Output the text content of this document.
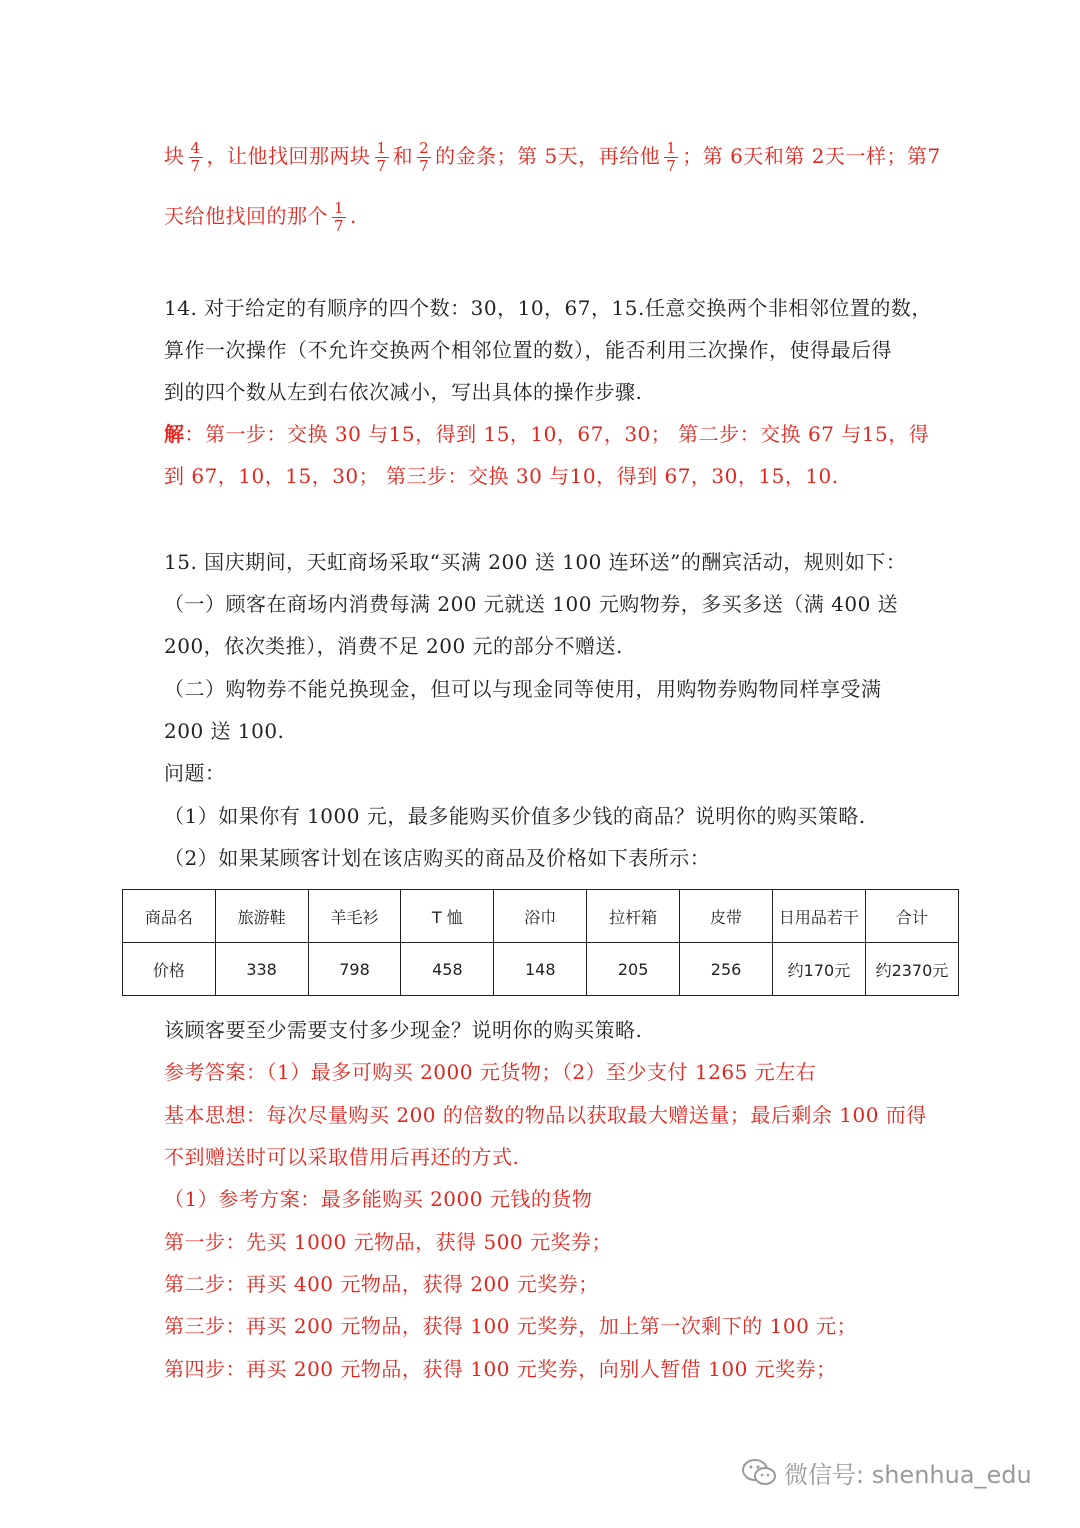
块 $\frac{4}{7}$ ，让他找回那两块 $\frac{1}{7}$ 和 $\frac{2}{7}$ 的金条；第 5天，再给他 $\frac{1}{7}$ ；第 6天和第 2天一样；第7
天给他找回的那个 $\frac{1}{7}$ .
14. 对于给定的有顺序的四个数：30，10，67，15.任意交换两个非相邻位置的数，
算作一次操作（不允许交换两个相邻位置的数），能否利用三次操作，使得最后得
到的四个数从左到右依次减小，写出具体的操作步骤.
解：第一步：交换 30 与15，得到 15，10，67，30； 第二步：交换 67 与15，得
到 67，10，15，30； 第三步：交换 30 与10，得到 67，30，15，10.
15. 国庆期间，天虹商场采取“买满 200 送 100 连环送”的酬宾活动，规则如下：
（一）顾客在商场内消费每满 200 元就送 100 元购物券，多买多送（满 400 送
200，依次类推），消费不足 200 元的部分不赠送.
（二）购物券不能兑换现金，但可以与现金同等使用，用购物券购物同样享受满
200 送 100.
问题：
（1）如果你有 1000 元，最多能购买价值多少钱的商品？说明你的购买策略.
（2）如果某顾客计划在该店购买的商品及价格如下表所示：
商品名	旅游鞋	羊毛衫	T 恤	浴巾	拉杆箱	皮带	日用品若干	合计
价格	338	798	458	148	205	256	约170元	约2370元
该顾客要至少需要支付多少现金？说明你的购买策略.
参考答案：（1）最多可购买 2000 元货物；（2）至少支付 1265 元左右
基本思想：每次尽量购买 200 的倍数的物品以获取最大赠送量；最后剩余 100 而得
不到赠送时可以采取借用后再还的方式.
（1）参考方案：最多能购买 2000 元钱的货物
第一步：先买 1000 元物品，获得 500 元奖券；
第二步：再买 400 元物品，获得 200 元奖券；
第三步：再买 200 元物品，获得 100 元奖券，加上第一次剩下的 100 元；
第四步：再买 200 元物品，获得 100 元奖券，向别人暂借 100 元奖券；
微信号: shenhua_edu
